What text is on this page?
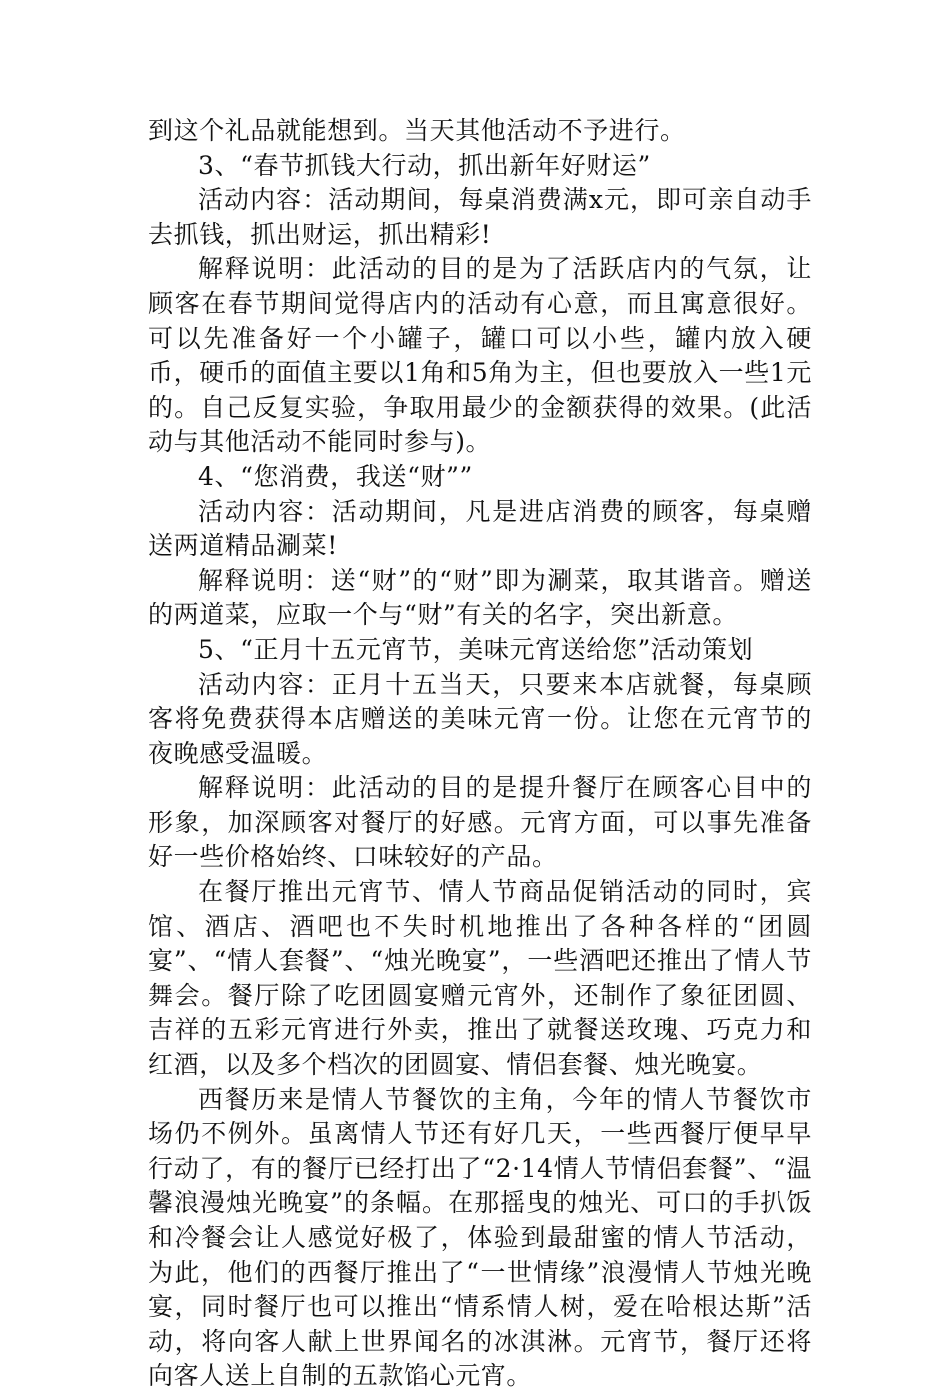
到这个礼品就能想到。当天其他活动不予进行。

3、“春节抓钱大行动，抓出新年好财运”

活动内容：活动期间，每桌消费满x元，即可亲自动手去抓钱，抓出财运，抓出精彩!

解释说明：此活动的目的是为了活跃店内的气氛，让顾客在春节期间觉得店内的活动有心意，而且寓意很好。可以先准备好一个小罐子，罐口可以小些，罐内放入硬币，硬币的面值主要以1角和5角为主，但也要放入一些1元的。自己反复实验，争取用最少的金额获得的效果。(此活动与其他活动不能同时参与)。

4、“您消费，我送“财””

活动内容：活动期间，凡是进店消费的顾客，每桌赠送两道精品涮菜!

解释说明：送“财”的“财”即为涮菜，取其谐音。赠送的两道菜，应取一个与“财”有关的名字，突出新意。

5、“正月十五元宵节，美味元宵送给您”活动策划

活动内容：正月十五当天，只要来本店就餐，每桌顾客将免费获得本店赠送的美味元宵一份。让您在元宵节的夜晚感受温暖。

解释说明：此活动的目的是提升餐厅在顾客心目中的形象，加深顾客对餐厅的好感。元宵方面，可以事先准备好一些价格始终、口味较好的产品。

在餐厅推出元宵节、情人节商品促销活动的同时，宾馆、酒店、酒吧也不失时机地推出了各种各样的“团圆宴”、“情人套餐”、“烛光晚宴”，一些酒吧还推出了情人节舞会。餐厅除了吃团圆宴赠元宵外，还制作了象征团圆、吉祥的五彩元宵进行外卖，推出了就餐送玫瑰、巧克力和红酒，以及多个档次的团圆宴、情侣套餐、烛光晚宴。

西餐历来是情人节餐饮的主角，今年的情人节餐饮市场仍不例外。虽离情人节还有好几天，一些西餐厅便早早行动了，有的餐厅已经打出了“2·14情人节情侣套餐”、“温馨浪漫烛光晚宴”的条幅。在那摇曳的烛光、可口的手扒饭和冷餐会让人感觉好极了，体验到最甜蜜的情人节活动，为此，他们的西餐厅推出了“一世情缘”浪漫情人节烛光晚宴，同时餐厅也可以推出“情系情人树，爱在哈根达斯”活动，将向客人献上世界闻名的冰淇淋。元宵节，餐厅还将向客人送上自制的五款馅心元宵。
